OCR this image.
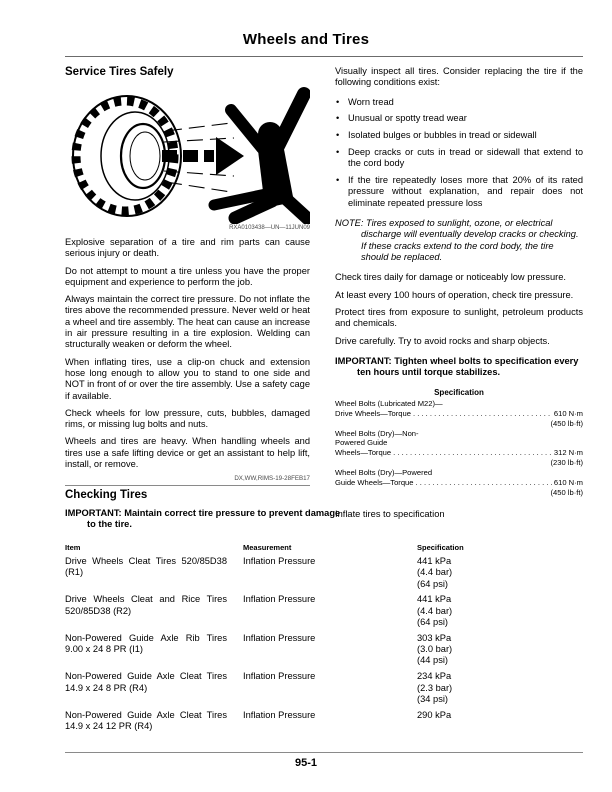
Wheels and Tires
Service Tires Safely
RXA0103438—UN—11JUN09

Explosive separation of a tire and rim parts can cause serious injury or death.

Do not attempt to mount a tire unless you have the proper equipment and experience to perform the job.

Always maintain the correct tire pressure. Do not inflate the tires above the recommended pressure. Never weld or heat a wheel and tire assembly. The heat can cause an increase in air pressure resulting in a tire explosion. Welding can structurally weaken or deform the wheel.

When inflating tires, use a clip-on chuck and extension hose long enough to allow you to stand to one side and NOT in front of or over the tire assembly. Use a safety cage if available.

Check wheels for low pressure, cuts, bubbles, damaged rims, or missing lug bolts and nuts.

Wheels and tires are heavy. When handling wheels and tires use a safe lifting device or get an assistant to help lift, install, or remove.

DX,WW,RIMS-19-28FEB17

Visually inspect all tires. Consider replacing the tire if the following conditions exist:

• Worn tread
• Unusual or spotty tread wear
• Isolated bulges or bubbles in tread or sidewall
• Deep cracks or cuts in tread or sidewall that extend to the cord body
• If the tire repeatedly loses more that 20% of its rated pressure without explanation, and repair does not eliminate repeated pressure loss

NOTE: Tires exposed to sunlight, ozone, or electrical discharge will eventually develop cracks or checking. If these cracks extend to the cord body, the tire should be replaced.

Check tires daily for damage or noticeably low pressure.

At least every 100 hours of operation, check tire pressure.

Protect tires from exposure to sunlight, petroleum products and chemicals.

Drive carefully. Try to avoid rocks and sharp objects.

IMPORTANT: Tighten wheel bolts to specification every ten hours until torque stabilizes.

Specification
Wheel Bolts (Lubricated M22)—
Drive Wheels—Torque . . .	610 N·m
(450 lb·ft)
Wheel Bolts (Dry)—Non-
Powered Guide
Wheels—Torque . . .	312 N·m
(230 lb·ft)
Wheel Bolts (Dry)—Powered
Guide Wheels—Torque . . .	610 N·m
(450 lb·ft)

Inflate tires to specification

Checking Tires

IMPORTANT: Maintain correct tire pressure to prevent damage to the tire.

Item	Measurement	Specification
Drive Wheels Cleat Tires 520/85D38 (R1)
Inflation Pressure	441 kPa
(4.4 bar)
(64 psi)
Drive Wheels Cleat and Rice Tires 520/85D38 (R2)
Inflation Pressure	441 kPa
(4.4 bar)
(64 psi)
Non-Powered Guide Axle Rib Tires 9.00 x 24 8 PR (I1)
Inflation Pressure	303 kPa
(3.0 bar)
(44 psi)
Non-Powered Guide Axle Cleat Tires 14.9 x 24 8 PR (R4)
Inflation Pressure	234 kPa
(2.3 bar)
(34 psi)
Non-Powered Guide Axle Cleat Tires 14.9 x 24 12 PR (R4)
Inflation Pressure	290 kPa
95-1
